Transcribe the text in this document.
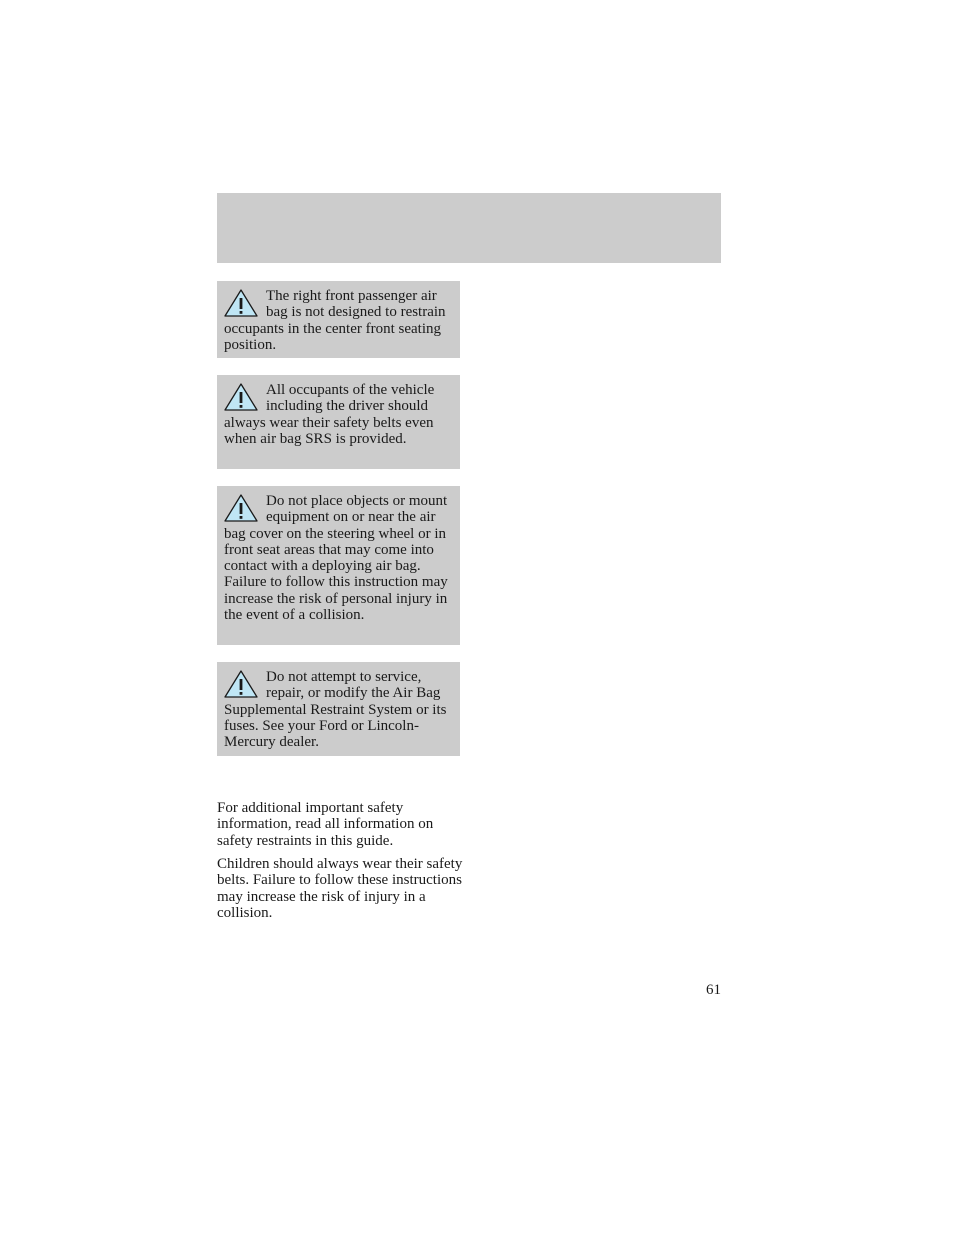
The right front passenger air bag is not designed to restrain occupants in the center front seating position.
All occupants of the vehicle including the driver should always wear their safety belts even when air bag SRS is provided.
Do not place objects or mount equipment on or near the air bag cover on the steering wheel or in front seat areas that may come into contact with a deploying air bag. Failure to follow this instruction may increase the risk of personal injury in the event of a collision.
Do not attempt to service, repair, or modify the Air Bag Supplemental Restraint System or its fuses. See your Ford or Lincoln-Mercury dealer.

For additional important safety information, read all information on safety restraints in this guide.

Children should always wear their safety belts. Failure to follow these instructions may increase the risk of injury in a collision.

61
